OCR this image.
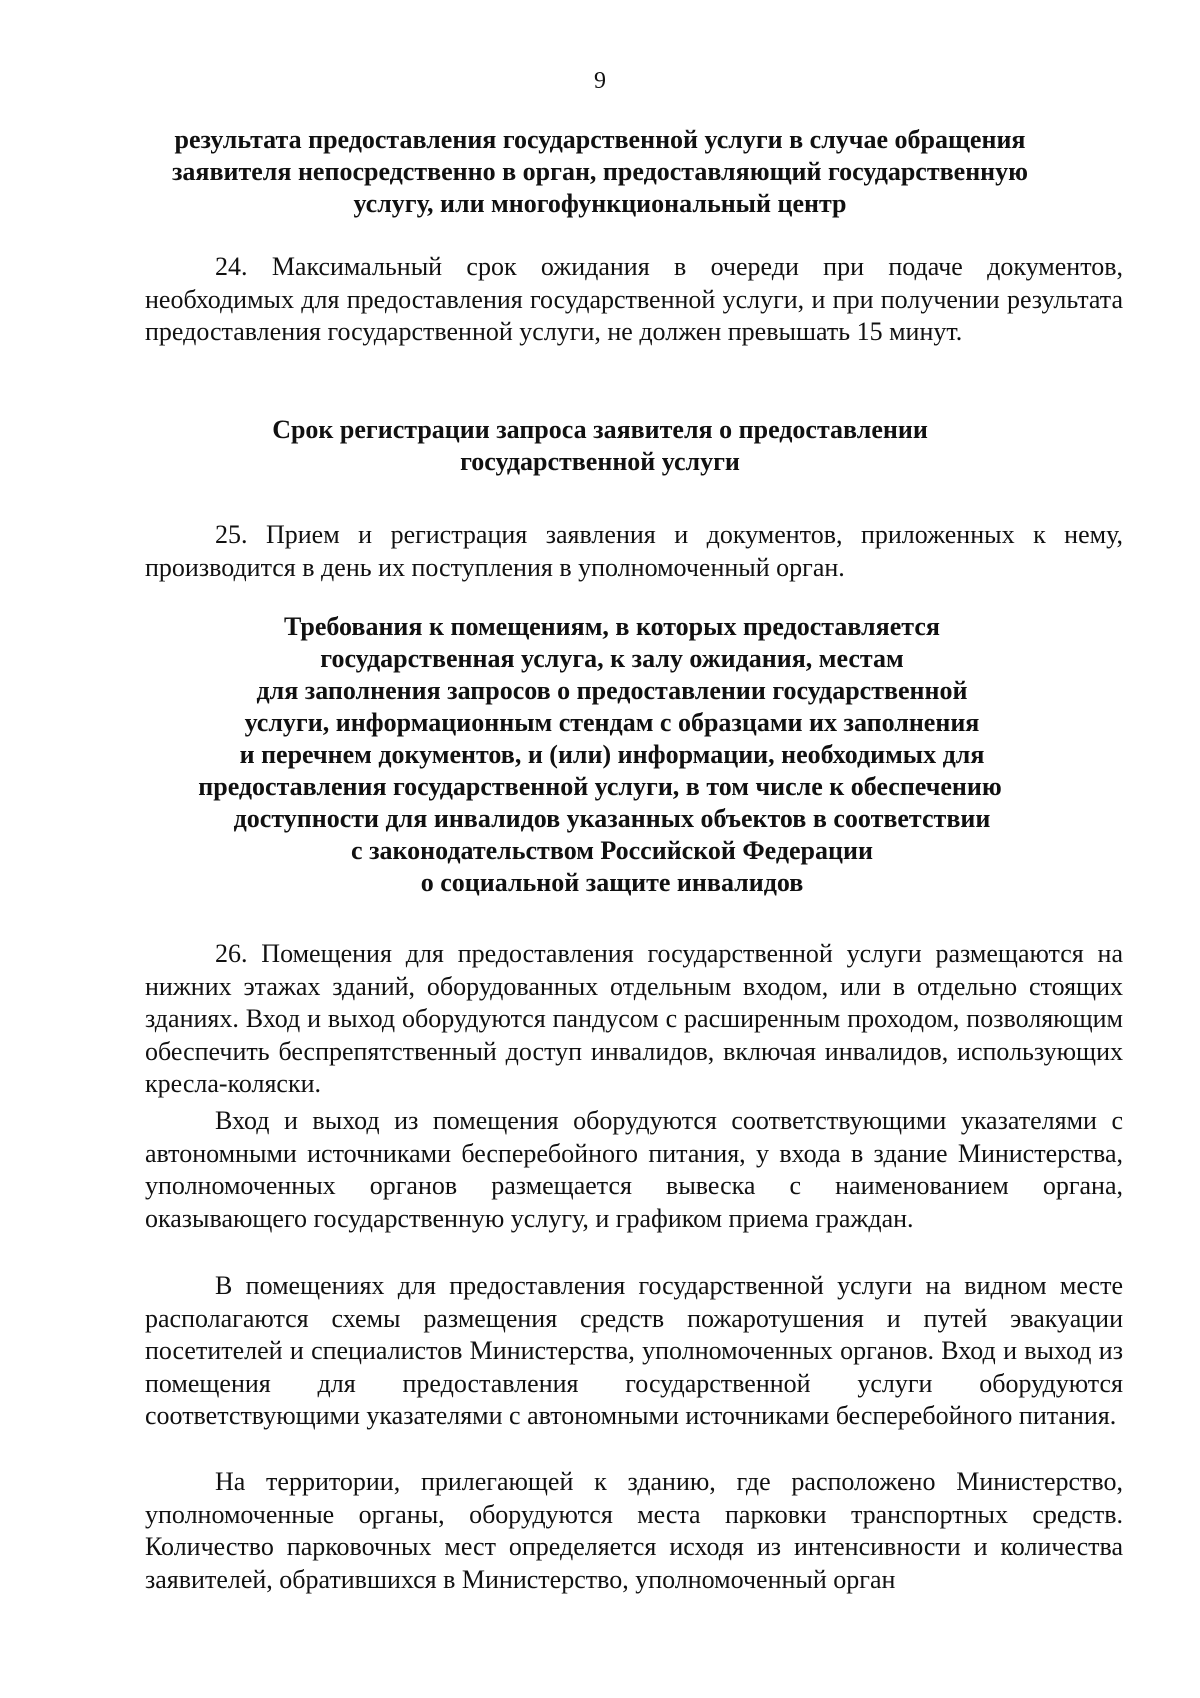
9
результата предоставления государственной услуги в случае обращения
заявителя непосредственно в орган, предоставляющий государственную
услугу, или многофункциональный центр

24. Максимальный срок ожидания в очереди при подаче документов, необходимых для предоставления государственной услуги, и при получении результата предоставления государственной услуги, не должен превышать 15 минут.

Срок регистрации запроса заявителя о предоставлении
государственной услуги

25. Прием и регистрация заявления и документов, приложенных к нему, производится в день их поступления в уполномоченный орган.

Требования к помещениям, в которых предоставляется
государственная услуга, к залу ожидания, местам
для заполнения запросов о предоставлении государственной
услуги, информационным стендам с образцами их заполнения
и перечнем документов, и (или) информации, необходимых для
предоставления государственной услуги, в том числе к обеспечению
доступности для инвалидов указанных объектов в соответствии
с законодательством Российской Федерации
о социальной защите инвалидов

26. Помещения для предоставления государственной услуги размещаются на нижних этажах зданий, оборудованных отдельным входом, или в отдельно стоящих зданиях. Вход и выход оборудуются пандусом с расширенным проходом, позволяющим обеспечить беспрепятственный доступ инвалидов, включая инвалидов, использующих кресла-коляски.

Вход и выход из помещения оборудуются соответствующими указателями с автономными источниками бесперебойного питания, у входа в здание Министерства, уполномоченных органов размещается вывеска с наименованием органа, оказывающего государственную услугу, и графиком приема граждан.

В помещениях для предоставления государственной услуги на видном месте располагаются схемы размещения средств пожаротушения и путей эвакуации посетителей и специалистов Министерства, уполномоченных органов. Вход и выход из помещения для предоставления государственной услуги оборудуются соответствующими указателями с автономными источниками бесперебойного питания.

На территории, прилегающей к зданию, где расположено Министерство, уполномоченные органы, оборудуются места парковки транспортных средств. Количество парковочных мест определяется исходя из интенсивности и количества заявителей, обратившихся в Министерство, уполномоченный орган
